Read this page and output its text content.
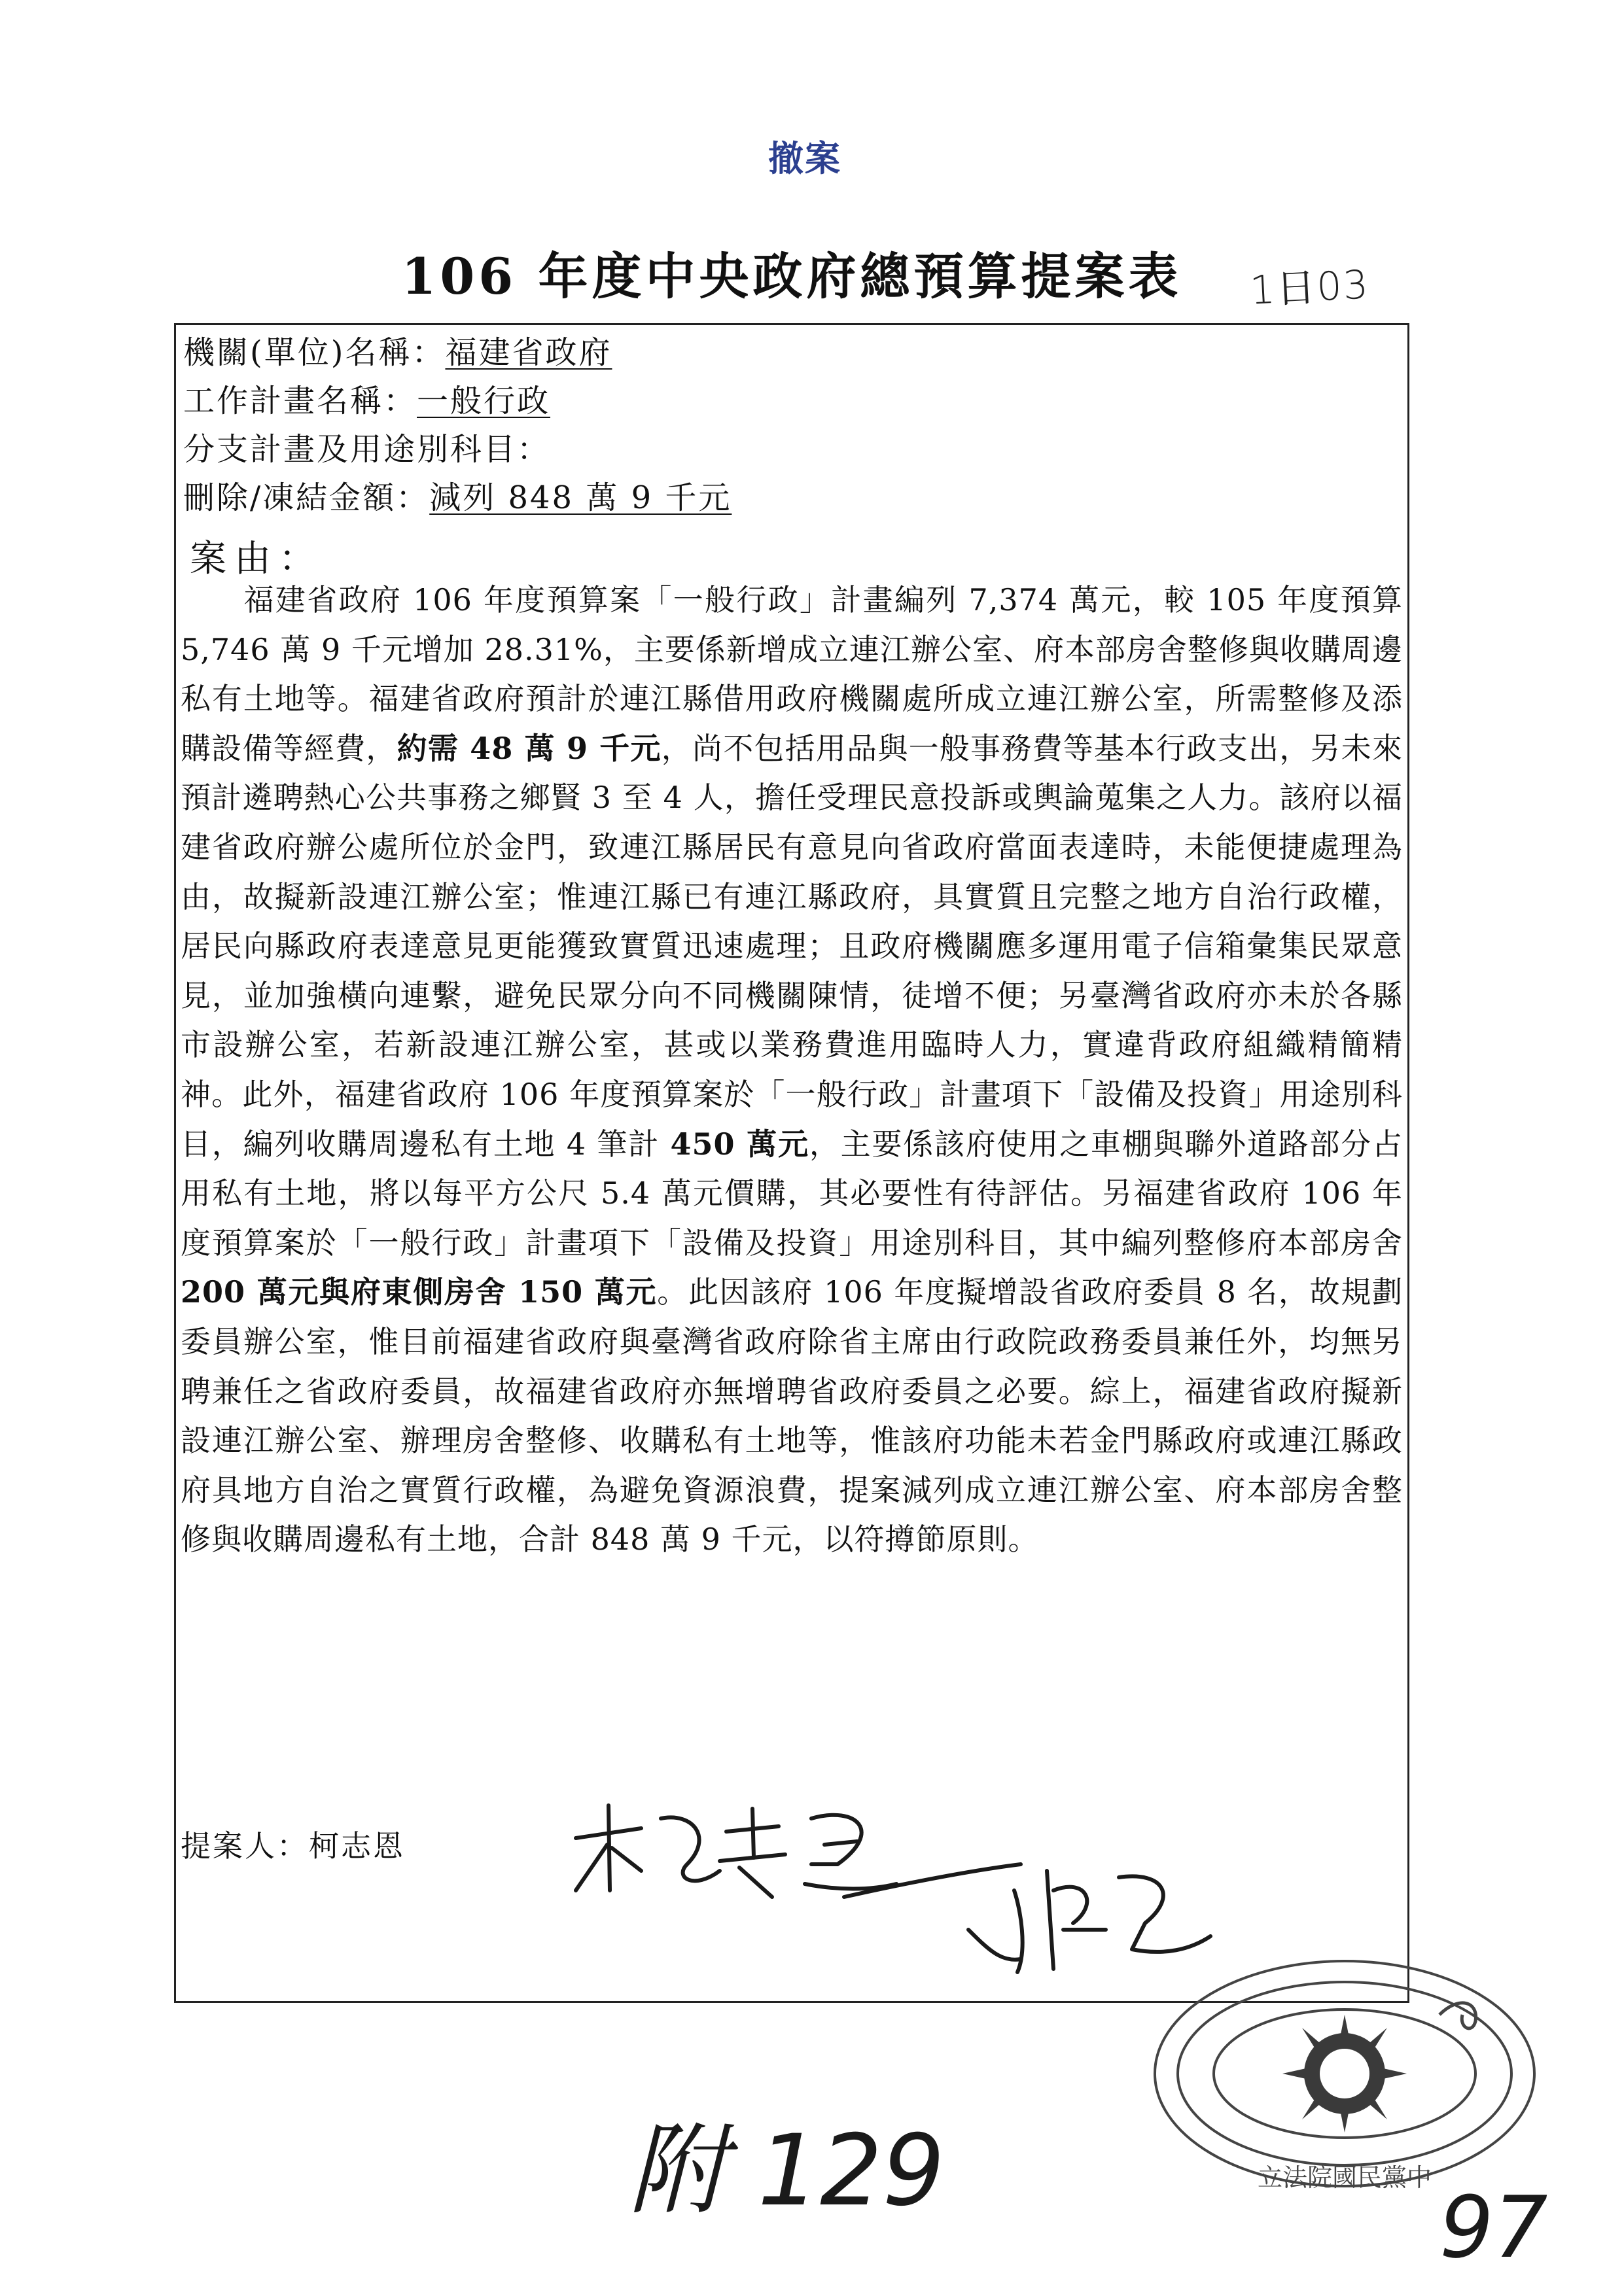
撤案
106 年度中央政府總預算提案表	1日03
機關(單位)名稱：福建省政府
工作計畫名稱：一般行政
分支計畫及用途別科目：
刪除/凍結金額：減列 848 萬 9 千元
案由：
福建省政府 106 年度預算案「一般行政」計畫編列 7,374 萬元，較 105 年度預算 5,746 萬 9 千元增加 28.31%，主要係新增成立連江辦公室、府本部房舍整修與收購周邊私有土地等。福建省政府預計於連江縣借用政府機關處所成立連江辦公室，所需整修及添購設備等經費，約需 48 萬 9 千元，尚不包括用品與一般事務費等基本行政支出，另未來預計遴聘熱心公共事務之鄉賢 3 至 4 人，擔任受理民意投訴或輿論蒐集之人力。該府以福建省政府辦公處所位於金門，致連江縣居民有意見向省政府當面表達時，未能便捷處理為由，故擬新設連江辦公室；惟連江縣已有連江縣政府，具實質且完整之地方自治行政權，居民向縣政府表達意見更能獲致實質迅速處理；且政府機關應多運用電子信箱彙集民眾意見，並加強橫向連繫，避免民眾分向不同機關陳情，徒增不便；另臺灣省政府亦未於各縣市設辦公室，若新設連江辦公室，甚或以業務費進用臨時人力，實違背政府組織精簡精神。此外，福建省政府 106 年度預算案於「一般行政」計畫項下「設備及投資」用途別科目，編列收購周邊私有土地 4 筆計 450 萬元，主要係該府使用之車棚與聯外道路部分占用私有土地，將以每平方公尺 5.4 萬元價購，其必要性有待評估。另福建省政府 106 年度預算案於「一般行政」計畫項下「設備及投資」用途別科目，其中編列整修府本部房舍 200 萬元與府東側房舍 150 萬元。此因該府 106 年度擬增設省政府委員 8 名，故規劃委員辦公室，惟目前福建省政府與臺灣省政府除省主席由行政院政務委員兼任外，均無另聘兼任之省政府委員，故福建省政府亦無增聘省政府委員之必要。綜上，福建省政府擬新設連江辦公室、辦理房舍整修、收購私有土地等，惟該府功能未若金門縣政府或連江縣政府具地方自治之實質行政權，為避免資源浪費，提案減列成立連江辦公室、府本部房舍整修與收購周邊私有土地，合計 848 萬 9 千元，以符撙節原則。
提案人：柯志恩
立法院國民黨中
附 129	97
